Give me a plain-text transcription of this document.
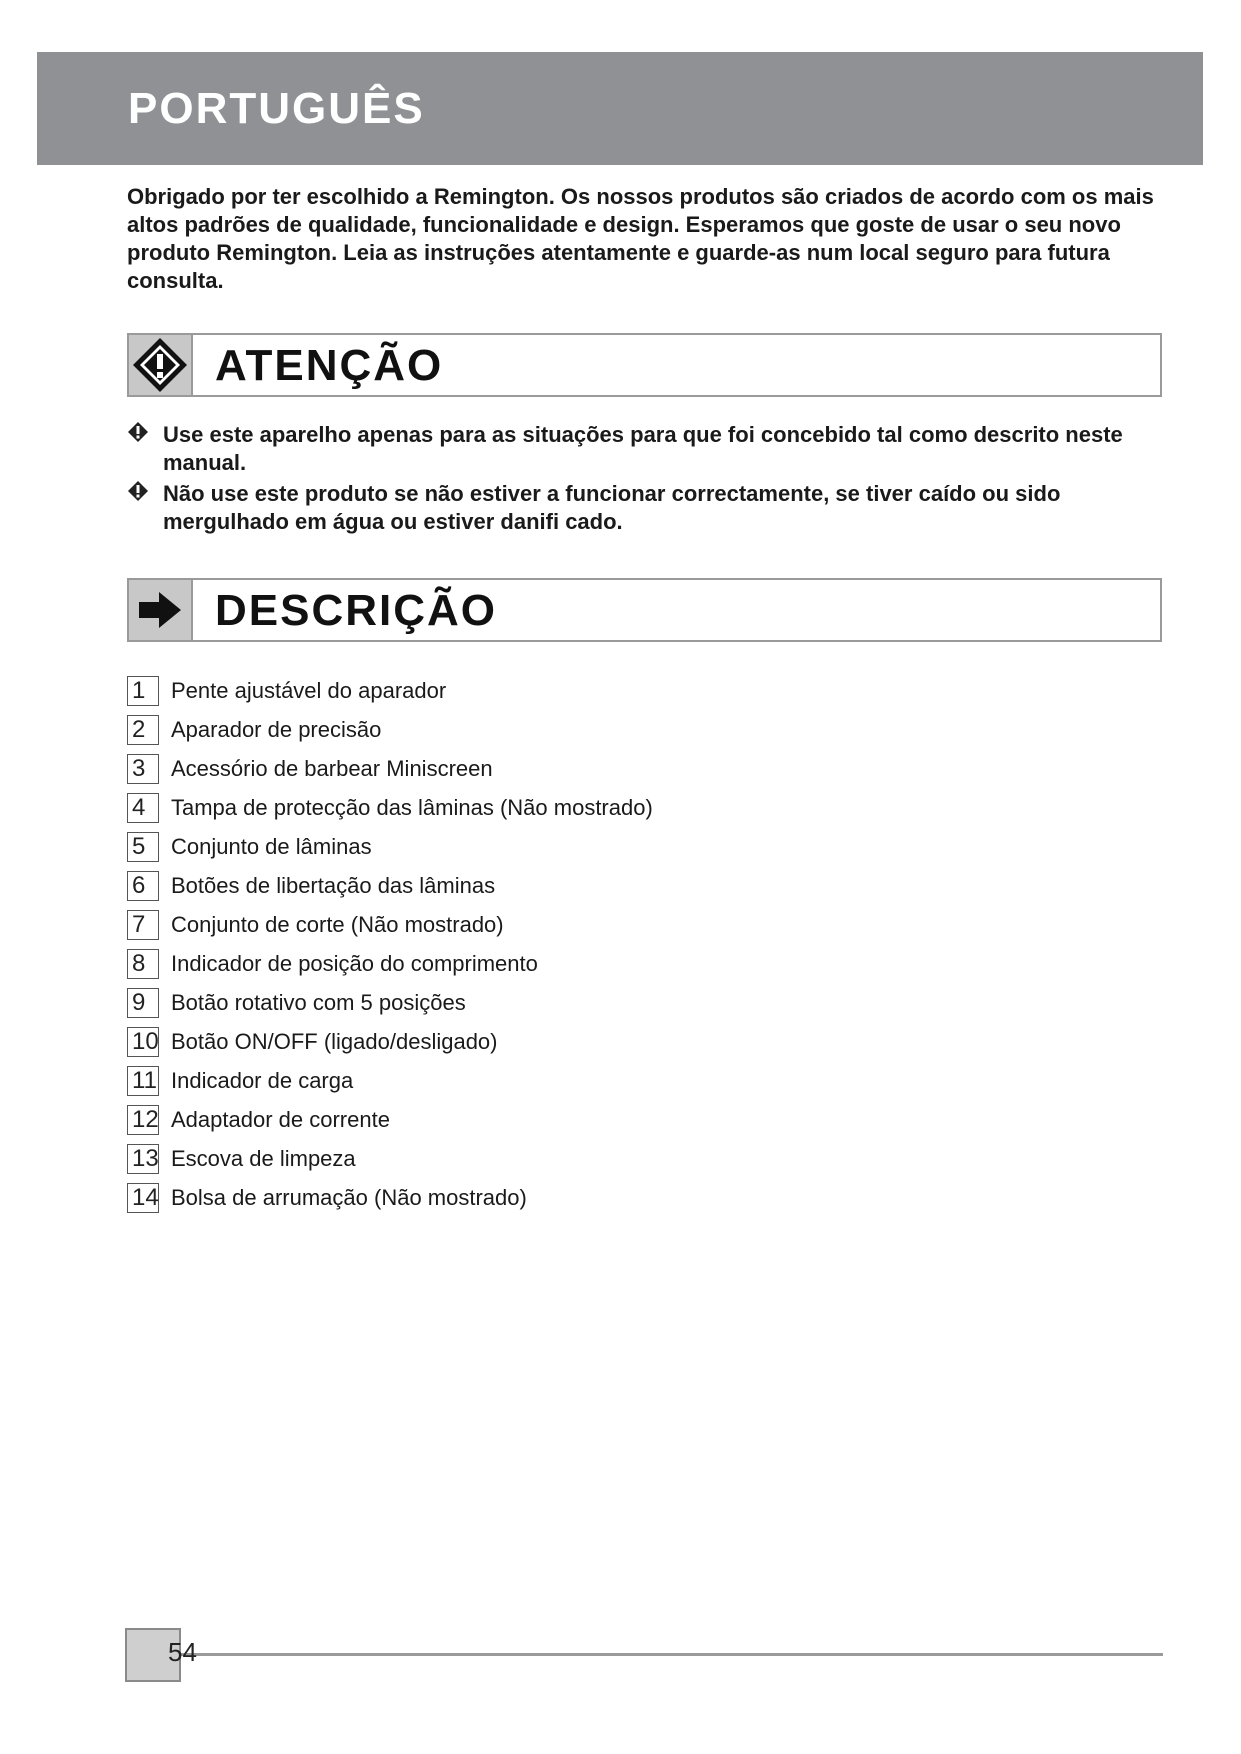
PORTUGUÊS

Obrigado por ter escolhido a Remington. Os nossos produtos são criados de acordo com os mais altos padrões de qualidade, funcionalidade e design. Esperamos que goste de usar o seu novo produto Remington. Leia as instruções atentamente e guarde-as num local seguro para futura consulta.

ATENÇÃO
Use este aparelho apenas para as situações para que foi concebido tal como descrito neste manual.
Não use este produto se não estiver a funcionar correctamente, se tiver caído ou sido mergulhado em água ou estiver danifi cado.
DESCRIÇÃO
1	Pente ajustável do aparador
2	Aparador de precisão
3	Acessório de barbear Miniscreen
4	Tampa de protecção das lâminas (Não mostrado)
5	Conjunto de lâminas
6	Botões de libertação das lâminas
7	Conjunto de corte (Não mostrado)
8	Indicador de posição do comprimento
9	Botão rotativo com 5 posições
10 Botão ON/OFF (ligado/desligado)
11 Indicador de carga
12 Adaptador de corrente
13 Escova de limpeza
14 Bolsa de arrumação (Não mostrado)
54
